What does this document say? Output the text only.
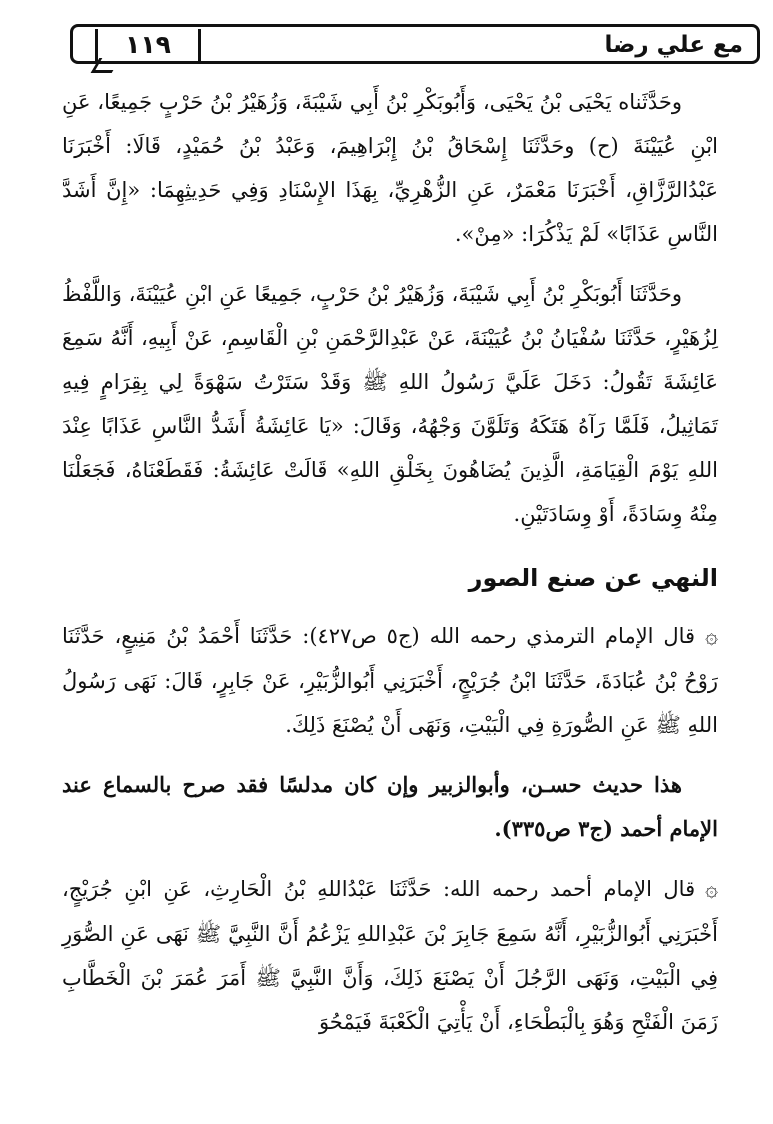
١١٩	مع علي رضا

وحَدَّثَناه يَحْيَى بْنُ يَحْيَى، وَأَبُوبَكْرِ بْنُ أَبِي شَيْبَةَ، وَزُهَيْرُ بْنُ حَرْبٍ جَمِيعًا، عَنِ ابْنِ عُيَيْنَةَ (ح) وحَدَّثَنَا إِسْحَاقُ بْنُ إِبْرَاهِيمَ، وَعَبْدُ بْنُ حُمَيْدٍ، قَالَا: أَخْبَرَنَا عَبْدُالرَّزَّاقِ، أَخْبَرَنَا مَعْمَرٌ، عَنِ الزُّهْرِيِّ، بِهَذَا الإِسْنَادِ وَفِي حَدِيثِهِمَا: «إِنَّ أَشَدَّ النَّاسِ عَذَابًا» لَمْ يَذْكُرَا: «مِنْ».

وحَدَّثَنَا أَبُوبَكْرِ بْنُ أَبِي شَيْبَةَ، وَزُهَيْرُ بْنُ حَرْبٍ، جَمِيعًا عَنِ ابْنِ عُيَيْنَةَ، وَاللَّفْظُ لِزُهَيْرٍ، حَدَّثَنَا سُفْيَانُ بْنُ عُيَيْنَةَ، عَنْ عَبْدِالرَّحْمَنِ بْنِ الْقَاسِمِ، عَنْ أَبِيهِ، أَنَّهُ سَمِعَ عَائِشَةَ تَقُولُ: دَخَلَ عَلَيَّ رَسُولُ اللهِ ﷺ وَقَدْ سَتَرْتُ سَهْوَةً لِي بِقِرَامٍ فِيهِ تَمَاثِيلُ، فَلَمَّا رَآهُ هَتَكَهُ وَتَلَوَّنَ وَجْهُهُ، وَقَالَ: «يَا عَائِشَةُ أَشَدُّ النَّاسِ عَذَابًا عِنْدَ اللهِ يَوْمَ الْقِيَامَةِ، الَّذِينَ يُضَاهُونَ بِخَلْقِ اللهِ» قَالَتْ عَائِشَةُ: فَقَطَعْنَاهُ، فَجَعَلْنَا مِنْهُ وِسَادَةً، أَوْ وِسَادَتَيْنِ.

النهي عن صنع الصور

۞قال الإمام الترمذي رحمه الله (ج٥ ص٤٢٧): حَدَّثَنَا أَحْمَدُ بْنُ مَنِيعٍ، حَدَّثَنَا رَوْحُ بْنُ عُبَادَةَ، حَدَّثَنَا ابْنُ جُرَيْجٍ، أَخْبَرَنِي أَبُوالزُّبَيْرِ، عَنْ جَابِرٍ، قَالَ: نَهَى رَسُولُ اللهِ ﷺ عَنِ الصُّورَةِ فِي الْبَيْتِ، وَنَهَى أَنْ يُصْنَعَ ذَلِكَ.

هذا حديث حسـن، وأبوالزبير وإن كان مدلسًا فقد صرح بالسماع عند الإمام أحمد (ج٣ ص٣٣٥).

۞قال الإمام أحمد رحمه الله: حَدَّثَنَا عَبْدُاللهِ بْنُ الْحَارِثِ، عَنِ ابْنِ جُرَيْجٍ، أَخْبَرَنِي أَبُوالزُّبَيْرِ، أَنَّهُ سَمِعَ جَابِرَ بْنَ عَبْدِاللهِ يَزْعُمُ أَنَّ النَّبِيَّ ﷺ نَهَى عَنِ الصُّوَرِ فِي الْبَيْتِ، وَنَهَى الرَّجُلَ أَنْ يَصْنَعَ ذَلِكَ، وَأَنَّ النَّبِيَّ ﷺ أَمَرَ عُمَرَ بْنَ الْخَطَّابِ زَمَنَ الْفَتْحِ وَهُوَ بِالْبَطْحَاءِ، أَنْ يَأْتِيَ الْكَعْبَةَ فَيَمْحُوَ
